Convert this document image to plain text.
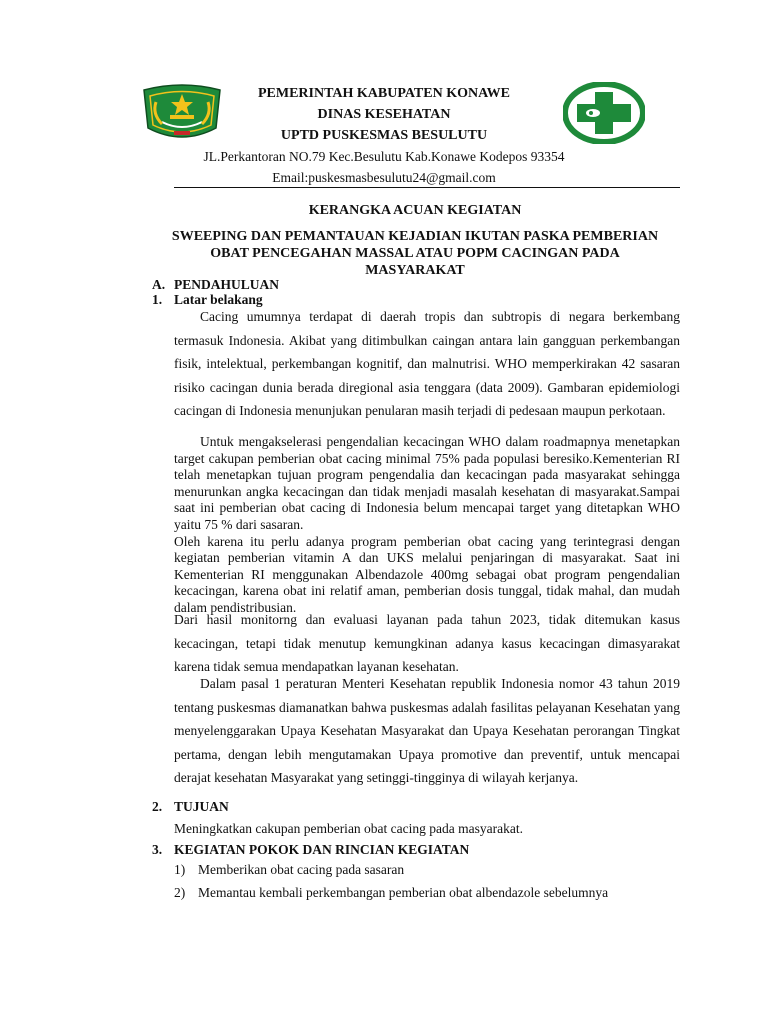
PEMERINTAH KABUPATEN KONAWE
DINAS KESEHATAN
UPTD PUSKESMAS BESULUTU
JL.Perkantoran NO.79 Kec.Besulutu Kab.Konawe Kodepos 93354
Email:puskesmasbesulutu24@gmail.com
KERANGKA ACUAN KEGIATAN
SWEEPING DAN PEMANTAUAN KEJADIAN IKUTAN PASKA PEMBERIAN
OBAT PENCEGAHAN MASSAL ATAU POPM CACINGAN PADA
MASYARAKAT
A. PENDAHULUAN
1. Latar belakang

Cacing umumnya terdapat di daerah tropis dan subtropis di negara berkembang termasuk Indonesia. Akibat yang ditimbulkan caingan antara lain gangguan perkembangan fisik, intelektual, perkembangan kognitif, dan malnutrisi. WHO memperkirakan 42 sasaran risiko cacingan dunia berada diregional asia tenggara (data 2009). Gambaran epidemiologi cacingan di Indonesia menunjukan penularan masih terjadi di pedesaan maupun perkotaan.

Untuk mengakselerasi pengendalian kecacingan WHO dalam roadmapnya menetapkan target cakupan pemberian obat cacing minimal 75% pada populasi beresiko.Kementerian RI telah menetapkan tujuan program pengendalia dan kecacingan pada masyarakat sehingga menurunkan angka kecacingan dan tidak menjadi masalah kesehatan di masyarakat.Sampai saat ini pemberian obat cacing di Indonesia belum mencapai target yang ditetapkan WHO yaitu 75 % dari sasaran.

Oleh karena itu perlu adanya program pemberian obat cacing yang terintegrasi dengan kegiatan pemberian vitamin A dan UKS melalui penjaringan di masyarakat. Saat ini Kementerian RI menggunakan Albendazole 400mg sebagai obat program pengendalian kecacingan, karena obat ini relatif aman, pemberian dosis tunggal, tidak mahal, dan mudah dalam pendistribusian.

Dari hasil monitorng dan evaluasi layanan pada tahun 2023, tidak ditemukan kasus kecacingan, tetapi tidak menutup kemungkinan adanya kasus kecacingan dimasyarakat karena tidak semua mendapatkan layanan kesehatan.

Dalam pasal 1 peraturan Menteri Kesehatan republik Indonesia nomor 43 tahun 2019 tentang puskesmas diamanatkan bahwa puskesmas adalah fasilitas pelayanan Kesehatan yang menyelenggarakan Upaya Kesehatan Masyarakat dan Upaya Kesehatan perorangan Tingkat pertama, dengan lebih mengutamakan Upaya promotive dan preventif, untuk mencapai derajat kesehatan Masyarakat yang setinggi-tingginya di wilayah kerjanya.

2. TUJUAN
Meningkatkan cakupan pemberian obat cacing pada masyarakat.
3. KEGIATAN POKOK DAN RINCIAN KEGIATAN
1) Memberikan obat cacing pada sasaran
2) Memantau kembali perkembangan pemberian obat albendazole sebelumnya
